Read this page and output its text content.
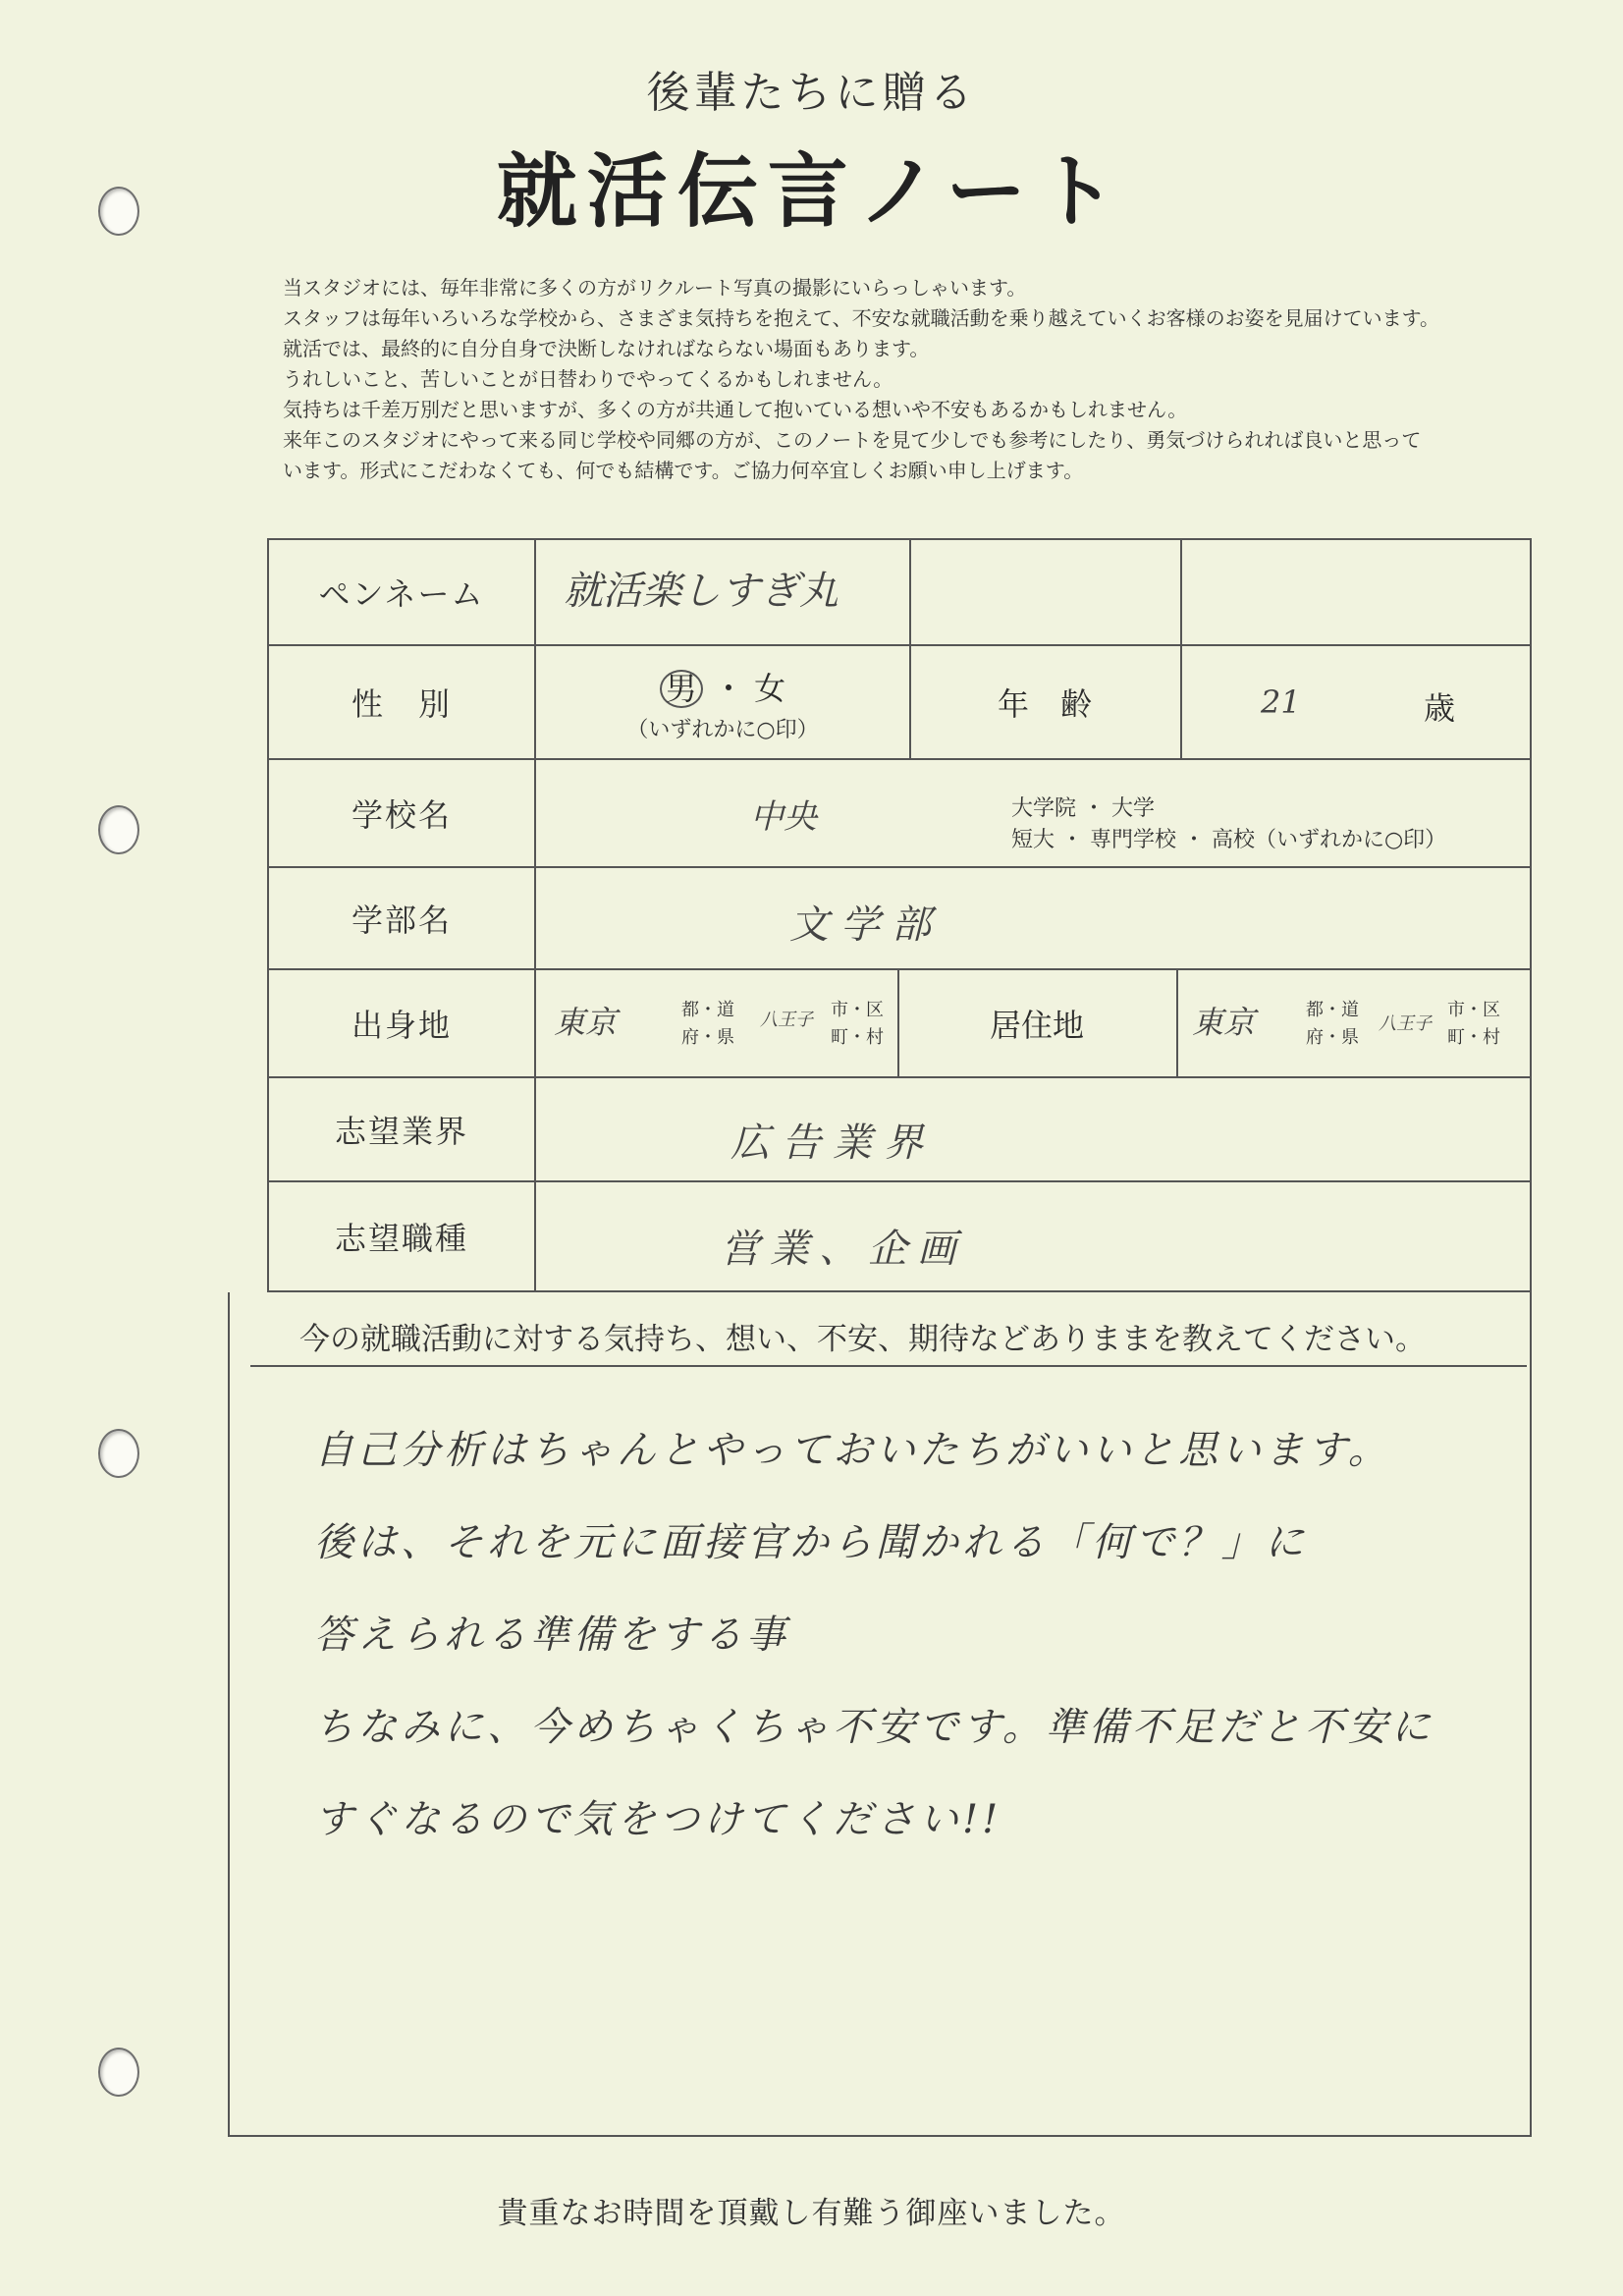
後輩たちに贈る
就活伝言ノート

当スタジオには、毎年非常に多くの方がリクルート写真の撮影にいらっしゃいます。

スタッフは毎年いろいろな学校から、さまざま気持ちを抱えて、不安な就職活動を乗り越えていくお客様のお姿を見届けています。

就活では、最終的に自分自身で決断しなければならない場面もあります。

うれしいこと、苦しいことが日替わりでやってくるかもしれません。

気持ちは千差万別だと思いますが、多くの方が共通して抱いている想いや不安もあるかもしれません。

来年このスタジオにやって来る同じ学校や同郷の方が、このノートを見て少しでも参考にしたり、勇気づけられれば良いと思って

います。形式にこだわなくても、何でも結構です。ご協力何卒宜しくお願い申し上げます。

ペンネーム	就活楽しすぎ丸
性　別	男 ・ 女
（いずれかに○印）
年　齢	21	歳
学校名	中央	大学院 ・ 大学
短大 ・ 専門学校 ・ 高校（いずれかに○印）
学部名	文学部
出身地	東京	都・道
府・県
八王子 市・区
町・村	居住地	東京	都・道
府・県
八王子
市・区
町・村
志望業界	広告業界
志望職種	営業、企画
今の就職活動に対する気持ち、想い、不安、期待などありままを教えてください。
自己分析はちゃんとやっておいたちがいいと思います。
後は、それを元に面接官から聞かれる「何で？」に
答えられる準備をする事
ちなみに、今めちゃくちゃ不安です。準備不足だと不安に
すぐなるので気をつけてください!!
貴重なお時間を頂戴し有難う御座いました。
